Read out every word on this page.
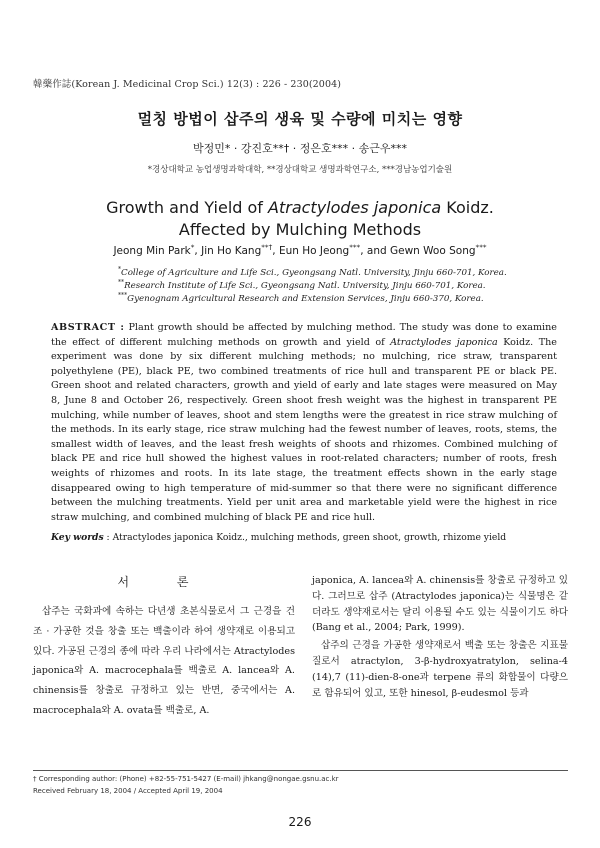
韓藥作誌(Korean J. Medicinal Crop Sci.) 12(3) : 226 - 230(2004)
멀칭 방법이 삽주의 생육 및 수량에 미치는 영향
박정민* · 강진호**† · 정은호*** · 송근우***
*경상대학교 농업생명과학대학, **경상대학교 생명과학연구소, ***경남농업기술원
Growth and Yield of Atractylodes japonica Koidz.
Affected by Mulching Methods
Jeong Min Park*, Jin Ho Kang**†, Eun Ho Jeong***, and Gewn Woo Song***
*College of Agriculture and Life Sci., Gyeongsang Natl. University, Jinju 660-701, Korea.
**Research Institute of Life Sci., Gyeongsang Natl. University, Jinju 660-701, Korea.
***Gyenognam Agricultural Research and Extension Services, Jinju 660-370, Korea.
ABSTRACT : Plant growth should be affected by mulching method. The study was done to examine the effect of different mulching methods on growth and yield of Atractylodes japonica Koidz. The experiment was done by six different mulching methods; no mulching, rice straw, transparent polyethylene (PE), black PE, two combined treatments of rice hull and transparent PE or black PE. Green shoot and related characters, growth and yield of early and late stages were measured on May 8, June 8 and October 26, respectively. Green shoot fresh weight was the highest in transparent PE mulching, while number of leaves, shoot and stem lengths were the greatest in rice straw mulching of the methods. In its early stage, rice straw mulching had the fewest number of leaves, roots, stems, the smallest width of leaves, and the least fresh weights of shoots and rhizomes. Combined mulching of black PE and rice hull showed the highest values in root-related characters; number of roots, fresh weights of rhizomes and roots. In its late stage, the treatment effects shown in the early stage disappeared owing to high temperature of mid-summer so that there were no significant difference between the mulching treatments. Yield per unit area and marketable yield were the highest in rice straw mulching, and combined mulching of black PE and rice hull.
Key words : Atractylodes japonica Koidz., mulching methods, green shoot, growth, rhizome yield
서 론

삽주는 국화과에 속하는 다년생 초본식물로서 그 근경을 건조 · 가공한 것을 창출 또는 백출이라 하여 생약재로 이용되고 있다. 가공된 근경의 종에 따라 우리 나라에서는 Atractylodes japonica와 A. macrocephala를 백출로 A. lancea와 A. chinensis를 창출로 규정하고 있는 반면, 중국에서는 A. macrocephala와 A. ovata를 백출로, A.

japonica, A. lancea와 A. chinensis를 창출로 규정하고 있다. 그러므로 삽주 (Atractylodes japonica)는 식물명은 같더라도 생약재로서는 달리 이용될 수도 있는 식물이기도 하다 (Bang et al., 2004; Park, 1999).

삽주의 근경을 가공한 생약재로서 백출 또는 창출은 지표물질로서 atractylon, 3-β-hydroxyatratylon, selina-4 (14),7 (11)-dien-8-one과 terpene 류의 화합물이 다량으로 함유되어 있고, 또한 hinesol, β-eudesmol 등과

† Corresponding author: (Phone) +82-55-751-5427 (E-mail) jhkang@nongae.gsnu.ac.kr
Received February 18, 2004 / Accepted April 19, 2004
226
